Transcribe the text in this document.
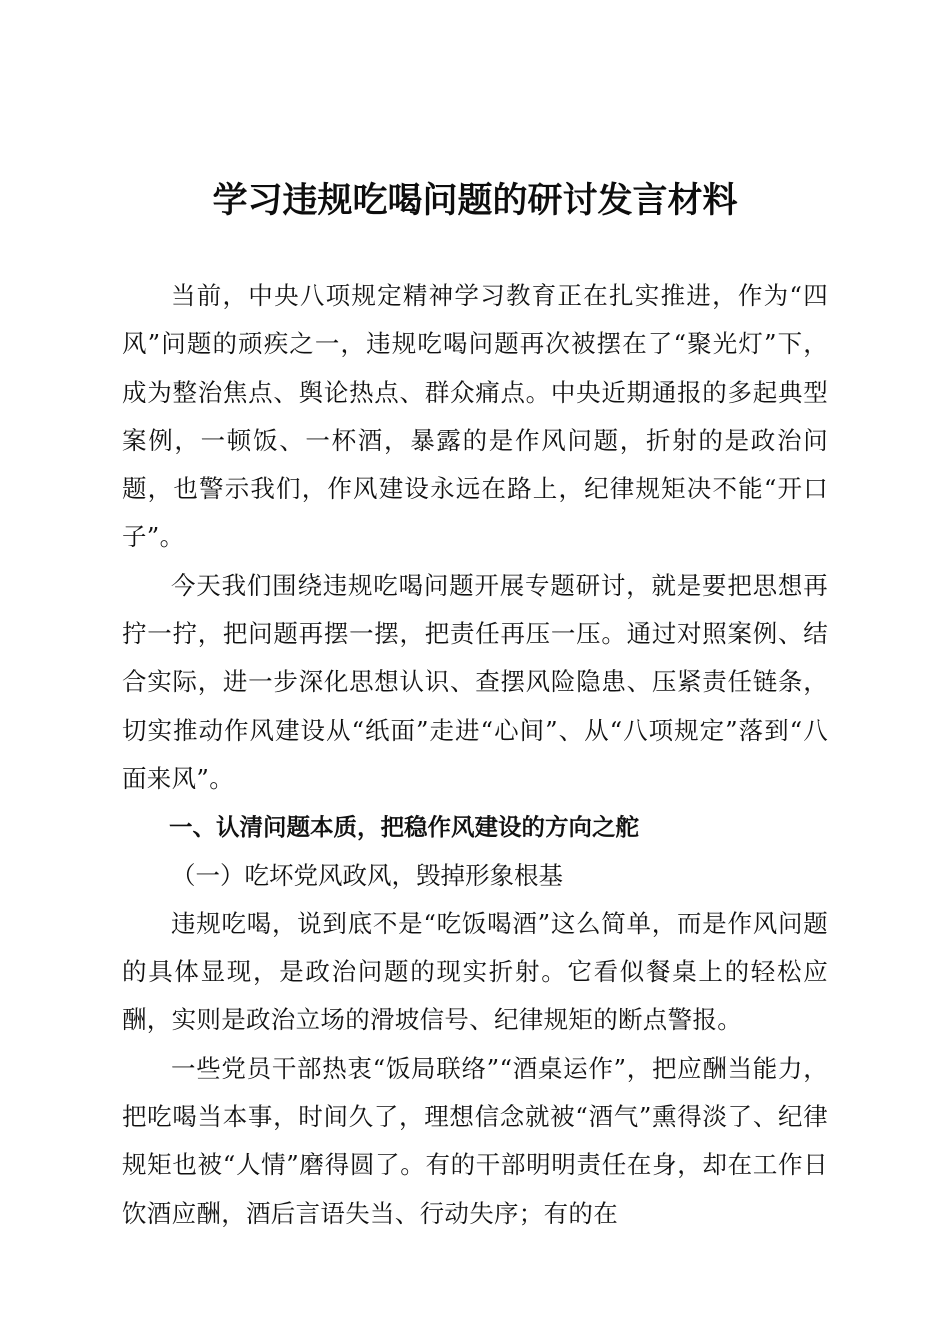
学习违规吃喝问题的研讨发言材料

当前，中央八项规定精神学习教育正在扎实推进，作为“四风”问题的顽疾之一，违规吃喝问题再次被摆在了“聚光灯”下，成为整治焦点、舆论热点、群众痛点。中央近期通报的多起典型案例，一顿饭、一杯酒，暴露的是作风问题，折射的是政治问题，也警示我们，作风建设永远在路上，纪律规矩决不能“开口子”。

今天我们围绕违规吃喝问题开展专题研讨，就是要把思想再拧一拧，把问题再摆一摆，把责任再压一压。通过对照案例、结合实际，进一步深化思想认识、查摆风险隐患、压紧责任链条，切实推动作风建设从“纸面”走进“心间”、从“八项规定”落到“八面来风”。

一、认清问题本质，把稳作风建设的方向之舵

（一）吃坏党风政风，毁掉形象根基

违规吃喝，说到底不是“吃饭喝酒”这么简单，而是作风问题的具体显现，是政治问题的现实折射。它看似餐桌上的轻松应酬，实则是政治立场的滑坡信号、纪律规矩的断点警报。

一些党员干部热衷“饭局联络”“酒桌运作”，把应酬当能力，把吃喝当本事，时间久了，理想信念就被“酒气”熏得淡了、纪律规矩也被“人情”磨得圆了。有的干部明明责任在身，却在工作日饮酒应酬，酒后言语失当、行动失序；有的在
